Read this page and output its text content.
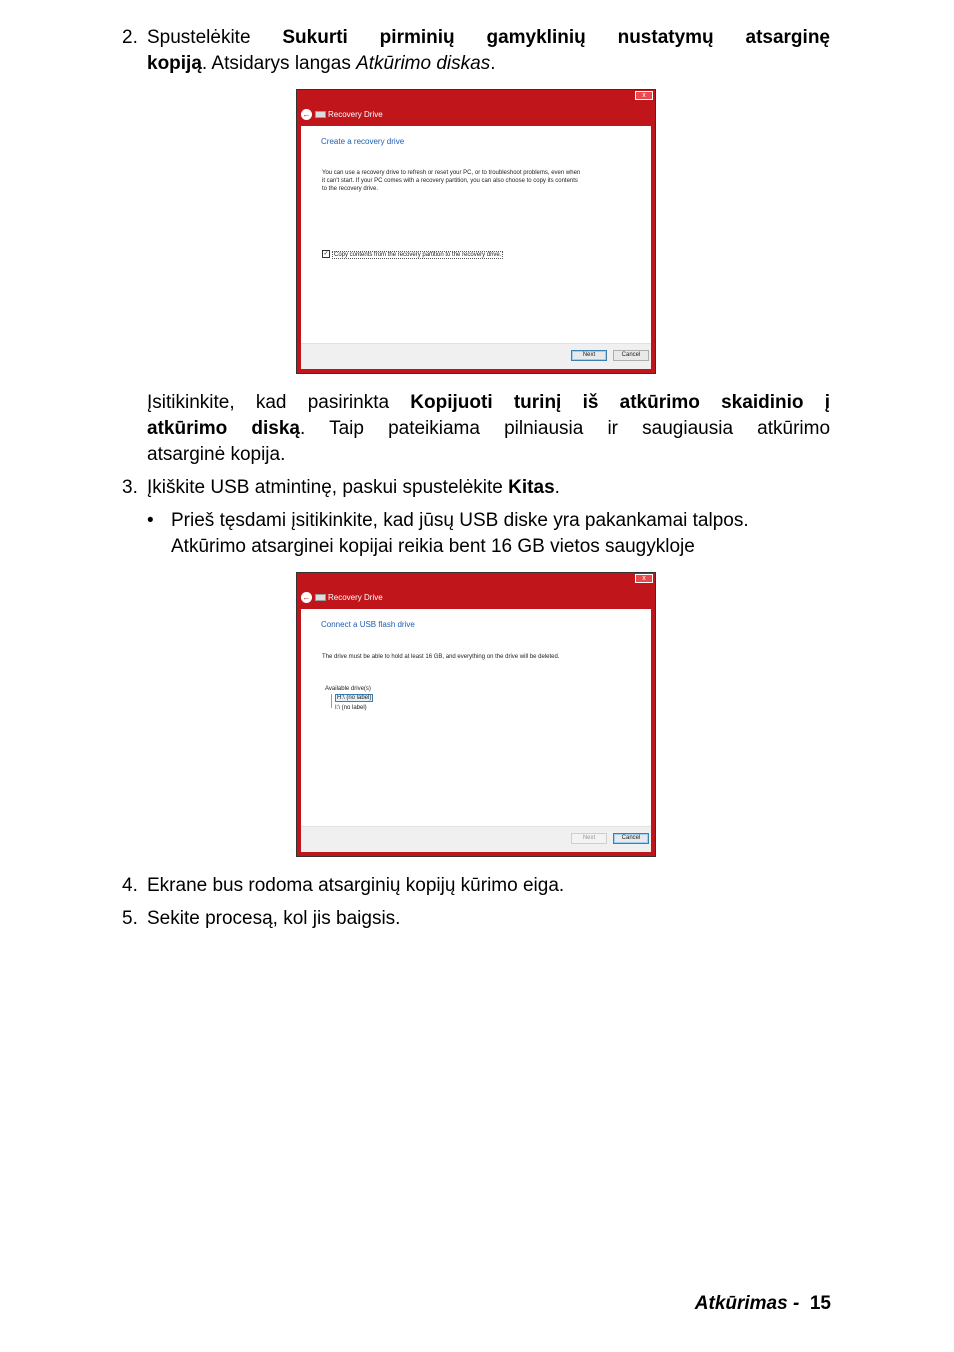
2. Spustelėkite Sukurti pirminių gamyklinių nustatymų atsarginę
kopiją. Atsidarys langas Atkūrimo diskas.
x
← Recovery Drive
Create a recovery drive
You can use a recovery drive to refresh or reset your PC, or to troubleshoot problems, even when
it can't start. If your PC comes with a recovery partition, you can also choose to copy its contents
to the recovery drive.
✓ Copy contents from the recovery partition to the recovery drive.
Next	Cancel
Įsitikinkite, kad pasirinkta Kopijuoti turinį iš atkūrimo skaidinio į
atkūrimo diską. Taip pateikiama pilniausia ir saugiausia atkūrimo
atsarginė kopija.
3. Įkiškite USB atmintinę, paskui spustelėkite Kitas.
• Prieš tęsdami įsitikinkite, kad jūsų USB diske yra pakankamai talpos.
Atkūrimo atsarginei kopijai reikia bent 16 GB vietos saugykloje
x
← Recovery Drive
Connect a USB flash drive
The drive must be able to hold at least 16 GB, and everything on the drive will be deleted.
Available drive(s)
H:\ (no label)
I:\ (no label)
Next	Cancel
4. Ekrane bus rodoma atsarginių kopijų kūrimo eiga.
5. Sekite procesą, kol jis baigsis.
Atkūrimas - 15
